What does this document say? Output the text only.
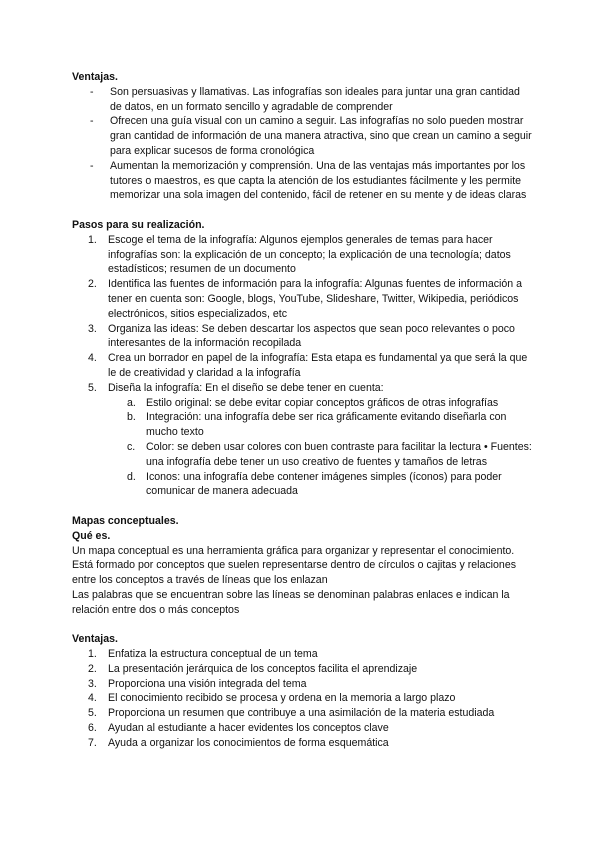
Ventajas.

- Son persuasivas y llamativas. Las infografías son ideales para juntar una gran cantidad de datos, en un formato sencillo y agradable de comprender
- Ofrecen una guía visual con un camino a seguir. Las infografías no solo pueden mostrar gran cantidad de información de una manera atractiva, sino que crean un camino a seguir para explicar sucesos de forma cronológica
- Aumentan la memorización y comprensión. Una de las ventajas más importantes por los tutores o maestros, es que capta la atención de los estudiantes fácilmente y les permite memorizar una sola imagen del contenido, fácil de retener en su mente y de ideas claras

Pasos para su realización.

1.	Escoge el tema de la infografía: Algunos ejemplos generales de temas para hacer infografías son: la explicación de un concepto; la explicación de una tecnología; datos estadísticos; resumen de un documento
2.	Identifica las fuentes de información para la infografía: Algunas fuentes de información a tener en cuenta son: Google, blogs, YouTube, Slideshare, Twitter, Wikipedia, periódicos electrónicos, sitios especializados, etc
3.	Organiza las ideas: Se deben descartar los aspectos que sean poco relevantes o poco interesantes de la información recopilada
4.	Crea un borrador en papel de la infografía: Esta etapa es fundamental ya que será la que le de creatividad y claridad a la infografía
5.	Diseña la infografía: En el diseño se debe tener en cuenta:
a. Estilo original: se debe evitar copiar conceptos gráficos de otras infografías
b. Integración: una infografía debe ser rica gráficamente evitando diseñarla con mucho texto
c.	Color: se deben usar colores con buen contraste para facilitar la lectura • Fuentes: una infografía debe tener un uso creativo de fuentes y tamaños de letras
d. Iconos: una infografía debe contener imágenes simples (íconos) para poder comunicar de manera adecuada

Mapas conceptuales.

Qué es.

Un mapa conceptual es una herramienta gráfica para organizar y representar el conocimiento. Está formado por conceptos que suelen representarse dentro de círculos o cajitas y relaciones entre los conceptos a través de líneas que los enlazan

Las palabras que se encuentran sobre las líneas se denominan palabras enlaces e indican la relación entre dos o más conceptos

Ventajas.

1.	Enfatiza la estructura conceptual de un tema
2.	La presentación jerárquica de los conceptos facilita el aprendizaje
3.	Proporciona una visión integrada del tema
4.	El conocimiento recibido se procesa y ordena en la memoria a largo plazo
5.	Proporciona un resumen que contribuye a una asimilación de la materia estudiada
6.	Ayudan al estudiante a hacer evidentes los conceptos clave
7.	Ayuda a organizar los conocimientos de forma esquemática
